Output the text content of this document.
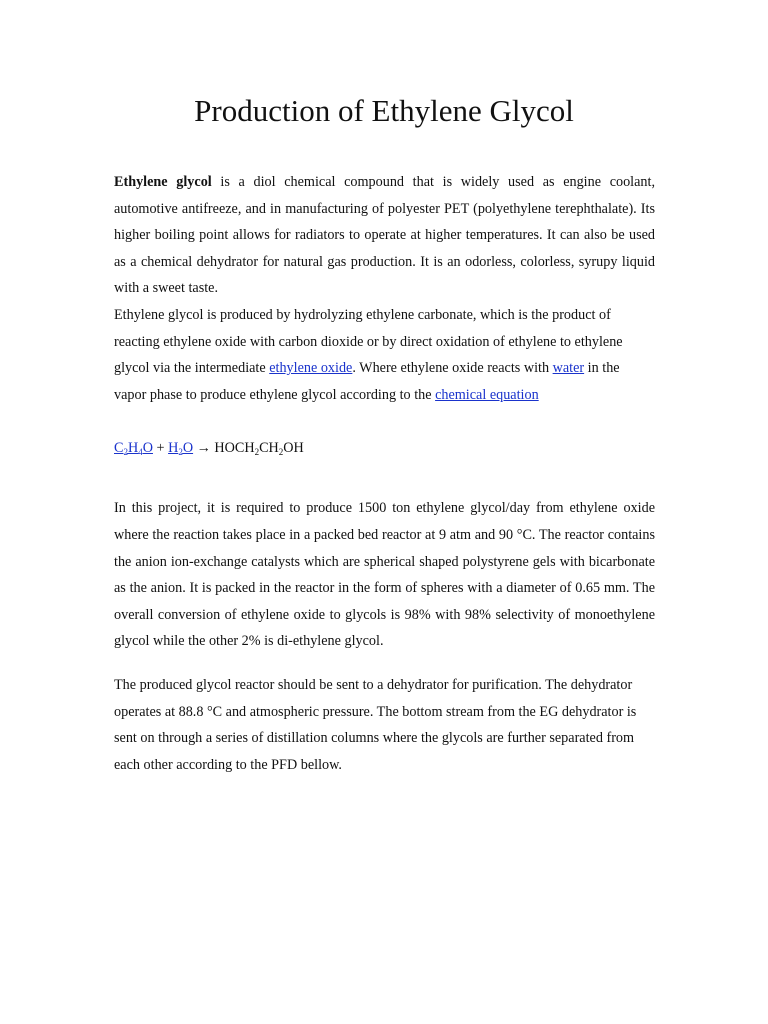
Production of Ethylene Glycol

Ethylene glycol is a diol chemical compound that is widely used as engine coolant, automotive antifreeze, and in manufacturing of polyester PET (polyethylene terephthalate). Its higher boiling point allows for radiators to operate at higher temperatures. It can also be used as a chemical dehydrator for natural gas production. It is an odorless, colorless, syrupy liquid with a sweet taste.

Ethylene glycol is produced by hydrolyzing ethylene carbonate, which is the product of reacting ethylene oxide with carbon dioxide or by direct oxidation of ethylene to ethylene glycol via the intermediate ethylene oxide. Where ethylene oxide reacts with water in the vapor phase to produce ethylene glycol according to the chemical equation

$C_2H_4O + H_2O$ → $HOCH_2CH_2OH$

In this project, it is required to produce 1500 ton ethylene glycol/day from ethylene oxide where the reaction takes place in a packed bed reactor at 9 atm and 90 °C. The reactor contains the anion ion-exchange catalysts which are spherical shaped polystyrene gels with bicarbonate as the anion. It is packed in the reactor in the form of spheres with a diameter of 0.65 mm. The overall conversion of ethylene oxide to glycols is 98% with 98% selectivity of monoethylene glycol while the other 2% is di-ethylene glycol.

The produced glycol reactor should be sent to a dehydrator for purification. The dehydrator operates at 88.8 °C and atmospheric pressure. The bottom stream from the EG dehydrator is sent on through a series of distillation columns where the glycols are further separated from each other according to the PFD bellow.
